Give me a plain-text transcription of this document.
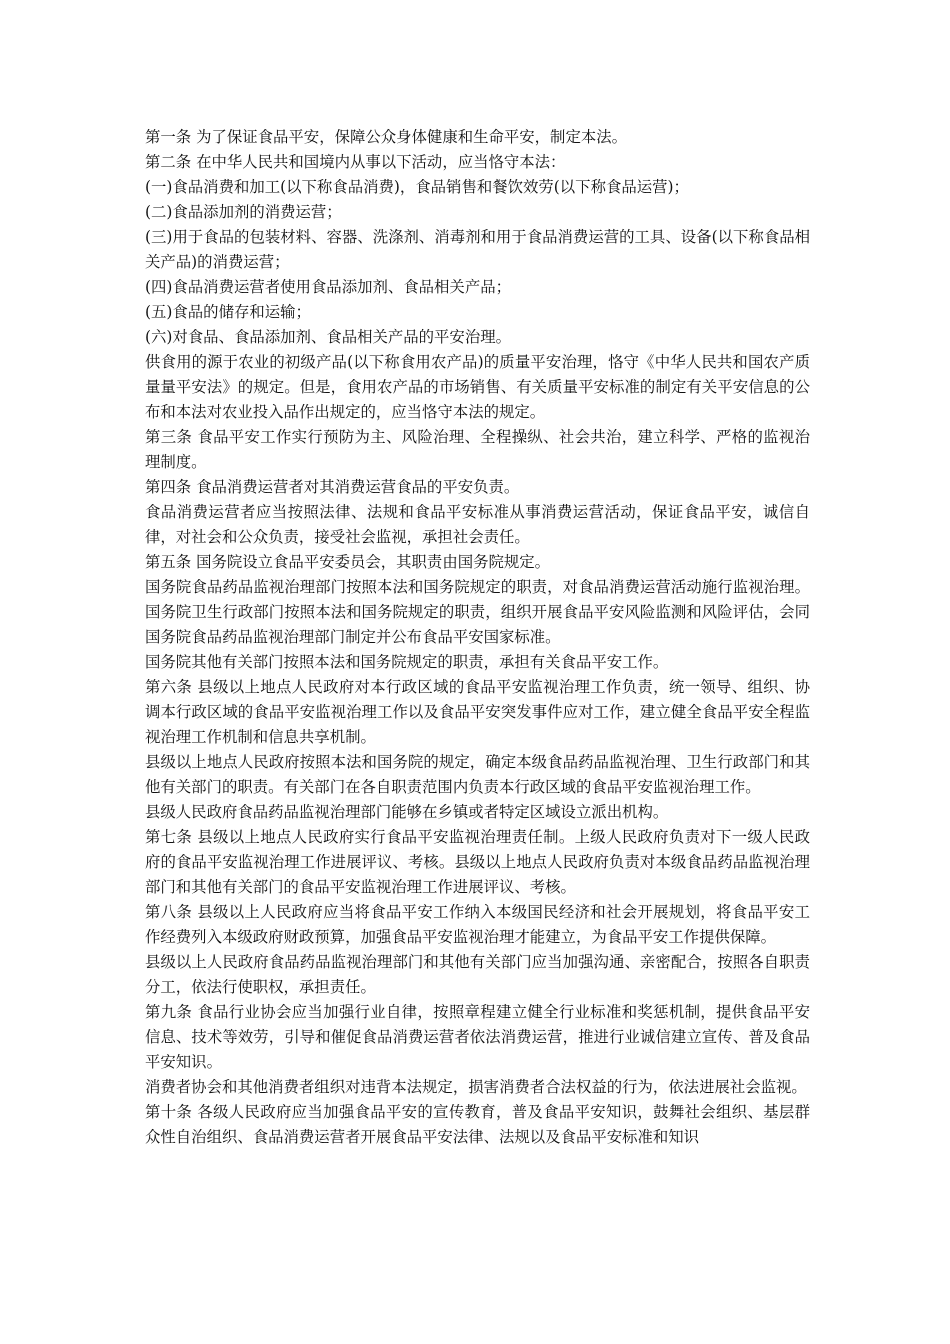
第一条 为了保证食品平安，保障公众身体健康和生命平安，制定本法。

第二条 在中华人民共和国境内从事以下活动，应当恪守本法：

(一)食品消费和加工(以下称食品消费)，食品销售和餐饮效劳(以下称食品运营)；

(二)食品添加剂的消费运营；

(三)用于食品的包装材料、容器、洗涤剂、消毒剂和用于食品消费运营的工具、设备(以下称食品相关产品)的消费运营；

(四)食品消费运营者使用食品添加剂、食品相关产品；

(五)食品的储存和运输；

(六)对食品、食品添加剂、食品相关产品的平安治理。

供食用的源于农业的初级产品(以下称食用农产品)的质量平安治理，恪守《中华人民共和国农产质量量平安法》的规定。但是，食用农产品的市场销售、有关质量平安标准的制定有关平安信息的公布和本法对农业投入品作出规定的，应当恪守本法的规定。

第三条 食品平安工作实行预防为主、风险治理、全程操纵、社会共治，建立科学、严格的监视治理制度。

第四条 食品消费运营者对其消费运营食品的平安负责。

食品消费运营者应当按照法律、法规和食品平安标准从事消费运营活动，保证食品平安，诚信自律，对社会和公众负责，接受社会监视，承担社会责任。

第五条 国务院设立食品平安委员会，其职责由国务院规定。

国务院食品药品监视治理部门按照本法和国务院规定的职责，对食品消费运营活动施行监视治理。 国务院卫生行政部门按照本法和国务院规定的职责，组织开展食品平安风险监测和风险评估，会同国务院食品药品监视治理部门制定并公布食品平安国家标准。

国务院其他有关部门按照本法和国务院规定的职责，承担有关食品平安工作。

第六条 县级以上地点人民政府对本行政区域的食品平安监视治理工作负责，统一领导、组织、协调本行政区域的食品平安监视治理工作以及食品平安突发事件应对工作，建立健全食品平安全程监视治理工作机制和信息共享机制。

县级以上地点人民政府按照本法和国务院的规定，确定本级食品药品监视治理、卫生行政部门和其他有关部门的职责。有关部门在各自职责范围内负责本行政区域的食品平安监视治理工作。

县级人民政府食品药品监视治理部门能够在乡镇或者特定区域设立派出机构。

第七条 县级以上地点人民政府实行食品平安监视治理责任制。上级人民政府负责对下一级人民政府的食品平安监视治理工作进展评议、考核。县级以上地点人民政府负责对本级食品药品监视治理部门和其他有关部门的食品平安监视治理工作进展评议、考核。

第八条 县级以上人民政府应当将食品平安工作纳入本级国民经济和社会开展规划，将食品平安工作经费列入本级政府财政预算，加强食品平安监视治理才能建立，为食品平安工作提供保障。

县级以上人民政府食品药品监视治理部门和其他有关部门应当加强沟通、亲密配合，按照各自职责分工，依法行使职权，承担责任。

第九条 食品行业协会应当加强行业自律，按照章程建立健全行业标准和奖惩机制，提供食品平安信息、技术等效劳，引导和催促食品消费运营者依法消费运营，推进行业诚信建立宣传、普及食品平安知识。

消费者协会和其他消费者组织对违背本法规定，损害消费者合法权益的行为，依法进展社会监视。

第十条 各级人民政府应当加强食品平安的宣传教育，普及食品平安知识，鼓舞社会组织、基层群众性自治组织、食品消费运营者开展食品平安法律、法规以及食品平安标准和知识
